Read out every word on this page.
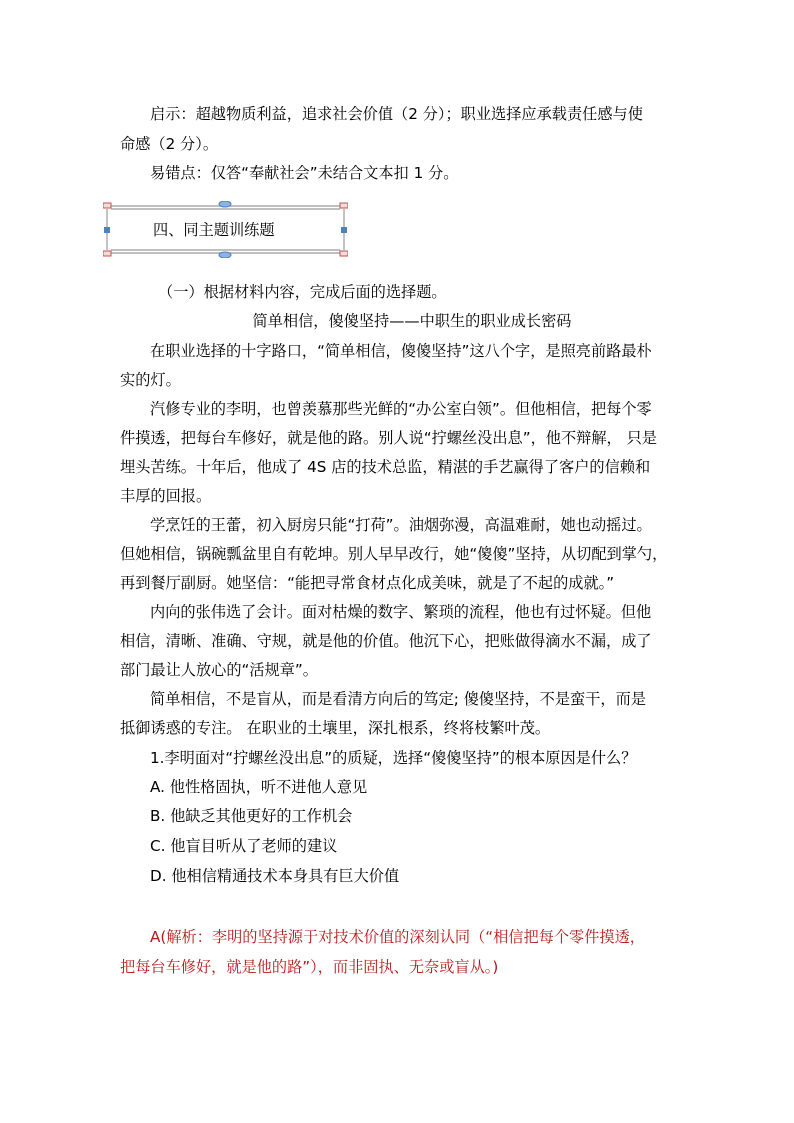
启示：超越物质利益，追求社会价值（2 分）；职业选择应承载责任感与使
命感（2 分）。
易错点：仅答“奉献社会”未结合文本扣 1 分。
四、同主题训练题
（一）根据材料内容，完成后面的选择题。
简单相信，傻傻坚持——中职生的职业成长密码
在职业选择的十字路口，“简单相信，傻傻坚持”这八个字，是照亮前路最朴
实的灯。
汽修专业的李明，也曾羡慕那些光鲜的“办公室白领”。但他相信，把每个零
件摸透，把每台车修好，就是他的路。别人说“拧螺丝没出息”，他不辩解， 只是
埋头苦练。十年后，他成了 4S 店的技术总监，精湛的手艺赢得了客户的信赖和
丰厚的回报。
学烹饪的王蕾，初入厨房只能“打荷”。油烟弥漫，高温难耐，她也动摇过。
但她相信，锅碗瓢盆里自有乾坤。别人早早改行，她“傻傻”坚持，从切配到掌勺，
再到餐厅副厨。她坚信：“能把寻常食材点化成美味，就是了不起的成就。”
内向的张伟选了会计。面对枯燥的数字、繁琐的流程，他也有过怀疑。但他
相信，清晰、准确、守规，就是他的价值。他沉下心，把账做得滴水不漏，成了
部门最让人放心的“活规章”。
简单相信，不是盲从，而是看清方向后的笃定; 傻傻坚持，不是蛮干，而是
抵御诱惑的专注。 在职业的土壤里，深扎根系，终将枝繁叶茂。
1.李明面对“拧螺丝没出息”的质疑，选择“傻傻坚持”的根本原因是什么？
A. 他性格固执，听不进他人意见
B. 他缺乏其他更好的工作机会
C. 他盲目听从了老师的建议
D. 他相信精通技术本身具有巨大价值
A(解析：李明的坚持源于对技术价值的深刻认同（“相信把每个零件摸透，
把每台车修好，就是他的路”），而非固执、无奈或盲从。)
